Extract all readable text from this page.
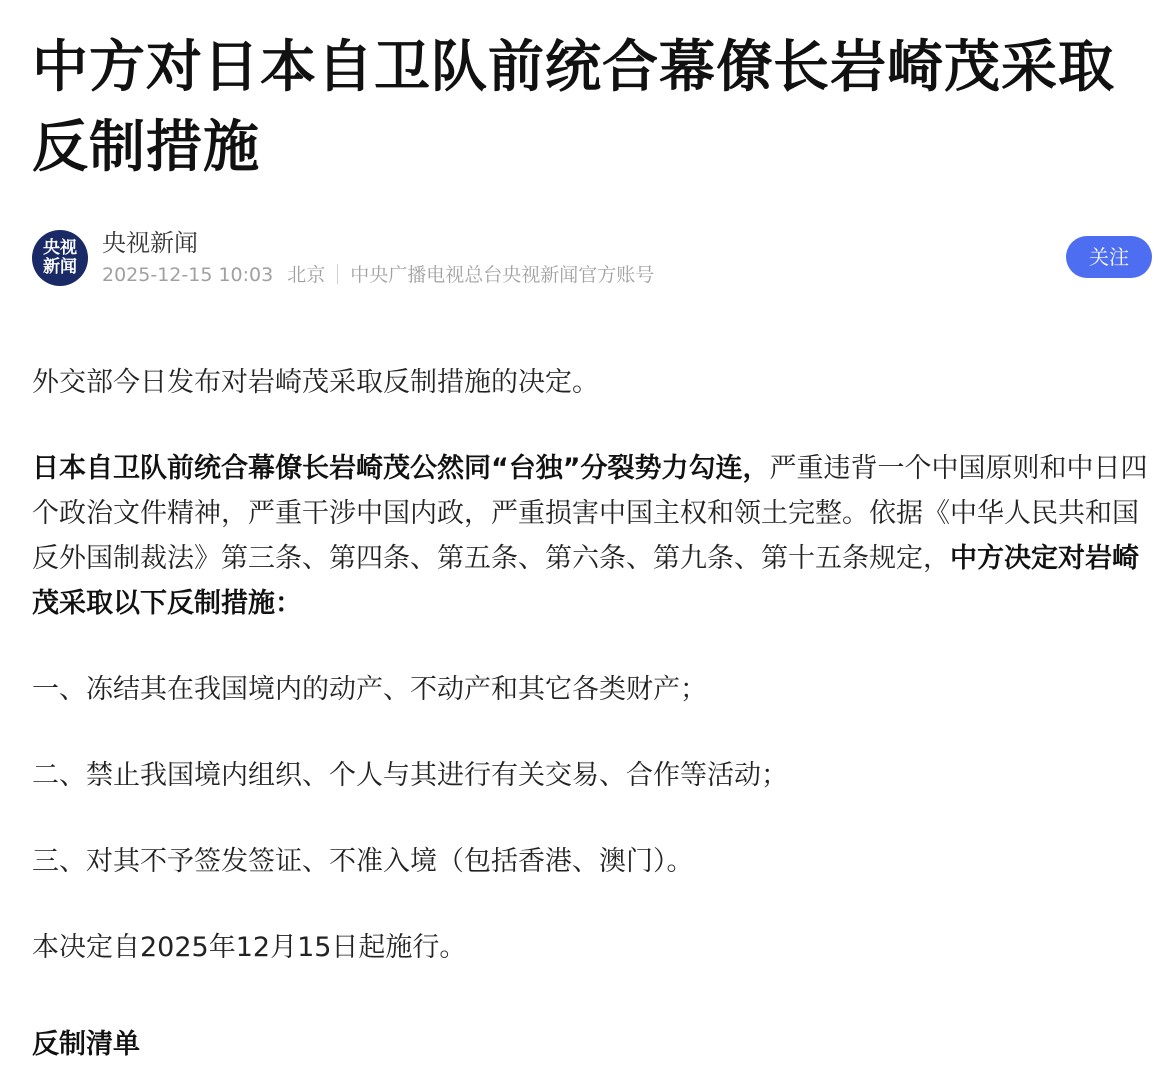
中方对日本自卫队前统合幕僚长岩崎茂采取反制措施
央视
新闻
央视新闻
2025-12-15 10:03 北京 中央广播电视总台央视新闻官方账号
关注

外交部今日发布对岩崎茂采取反制措施的决定。

日本自卫队前统合幕僚长岩崎茂公然同“台独”分裂势力勾连，严重违背一个中国原则和中日四个政治文件精神，严重干涉中国内政，严重损害中国主权和领土完整。依据《中华人民共和国反外国制裁法》第三条、第四条、第五条、第六条、第九条、第十五条规定，中方决定对岩崎茂采取以下反制措施：

一、冻结其在我国境内的动产、不动产和其它各类财产；

二、禁止我国境内组织、个人与其进行有关交易、合作等活动；

三、对其不予签发签证、不准入境（包括香港、澳门）。

本决定自2025年12月15日起施行。

反制清单
